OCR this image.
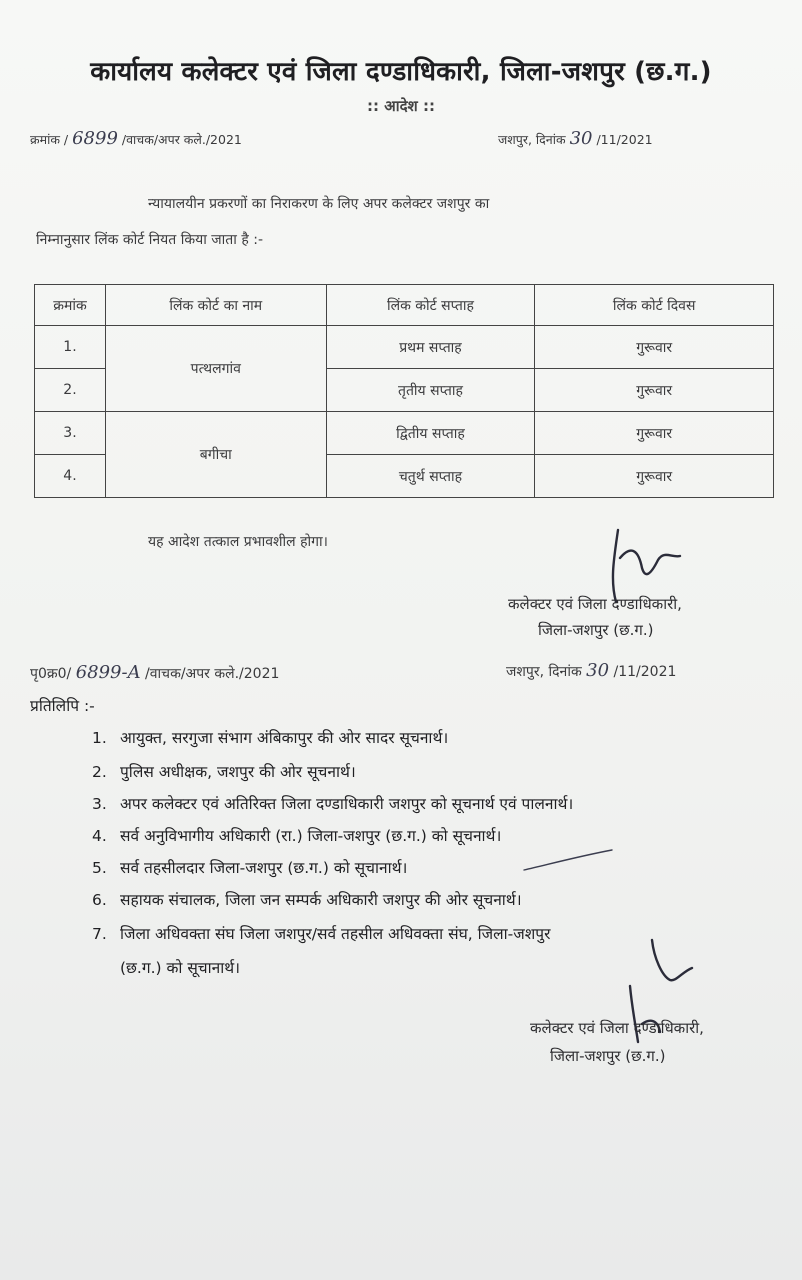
कार्यालय कलेक्टर एवं जिला दण्डाधिकारी, जिला-जशपुर (छ.ग.)
:: आदेश ::
क्रमांक / 6899 /वाचक/अपर कले./2021	जशपुर, दिनांक 30 /11/2021
न्यायालयीन प्रकरणों का निराकरण के लिए अपर कलेक्टर जशपुर का
निम्नानुसार लिंक कोर्ट नियत किया जाता है :-
क्रमांक	लिंक कोर्ट का नाम	लिंक कोर्ट सप्ताह	लिंक कोर्ट दिवस
1.	पत्थलगांव	प्रथम सप्ताह	गुरूवार
2.		तृतीय सप्ताह	गुरूवार
3.	बगीचा	द्वितीय सप्ताह	गुरूवार
4.		चतुर्थ सप्ताह	गुरूवार
यह आदेश तत्काल प्रभावशील होगा।
कलेक्टर एवं जिला दण्डाधिकारी,
जिला-जशपुर (छ.ग.)
पृ0क्र0/ 6899-A /वाचक/अपर कले./2021	जशपुर, दिनांक 30 /11/2021
प्रतिलिपि :-
1. आयुक्त, सरगुजा संभाग अंबिकापुर की ओर सादर सूचनार्थ।
2. पुलिस अधीक्षक, जशपुर की ओर सूचनार्थ।
3. अपर कलेक्टर एवं अतिरिक्त जिला दण्डाधिकारी जशपुर को सूचनार्थ एवं पालनार्थ।
4. सर्व अनुविभागीय अधिकारी (रा.) जिला-जशपुर (छ.ग.) को सूचनार्थ।
5. सर्व तहसीलदार जिला-जशपुर (छ.ग.) को सूचानार्थ।
6. सहायक संचालक, जिला जन सम्पर्क अधिकारी जशपुर की ओर सूचनार्थ।
7. जिला अधिवक्ता संघ जिला जशपुर/सर्व तहसील अधिवक्ता संघ, जिला-जशपुर
(छ.ग.) को सूचानार्थ।
कलेक्टर एवं जिला दण्डाधिकारी,
जिला-जशपुर (छ.ग.)
